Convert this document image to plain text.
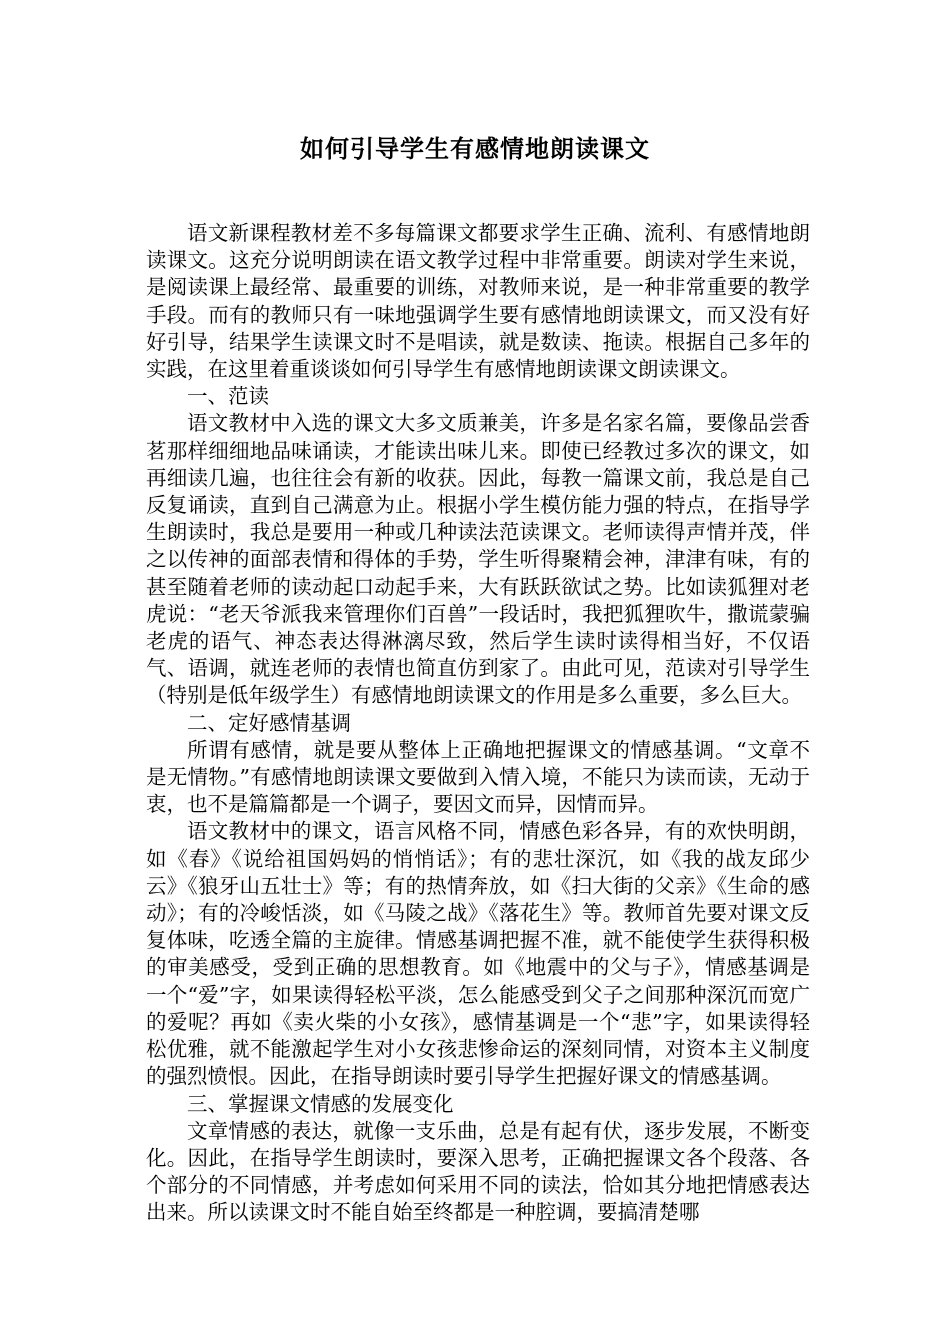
如何引导学生有感情地朗读课文

语文新课程教材差不多每篇课文都要求学生正确、流利、有感情地朗读课文。这充分说明朗读在语文教学过程中非常重要。朗读对学生来说，是阅读课上最经常、最重要的训练，对教师来说，是一种非常重要的教学手段。而有的教师只有一味地强调学生要有感情地朗读课文，而又没有好好引导，结果学生读课文时不是唱读，就是数读、拖读。根据自己多年的实践，在这里着重谈谈如何引导学生有感情地朗读课文朗读课文。

一、范读

语文教材中入选的课文大多文质兼美，许多是名家名篇，要像品尝香茗那样细细地品味诵读，才能读出味儿来。即使已经教过多次的课文，如再细读几遍，也往往会有新的收获。因此，每教一篇课文前，我总是自己反复诵读，直到自己满意为止。根据小学生模仿能力强的特点，在指导学生朗读时，我总是要用一种或几种读法范读课文。老师读得声情并茂，伴之以传神的面部表情和得体的手势，学生听得聚精会神，津津有味，有的甚至随着老师的读动起口动起手来，大有跃跃欲试之势。比如读狐狸对老虎说：“老天爷派我来管理你们百兽”一段话时，我把狐狸吹牛，撒谎蒙骗老虎的语气、神态表达得淋漓尽致，然后学生读时读得相当好，不仅语气、语调，就连老师的表情也简直仿到家了。由此可见，范读对引导学生（特别是低年级学生）有感情地朗读课文的作用是多么重要，多么巨大。

二、定好感情基调

所谓有感情，就是要从整体上正确地把握课文的情感基调。“文章不是无情物。”有感情地朗读课文要做到入情入境，不能只为读而读，无动于衷，也不是篇篇都是一个调子，要因文而异，因情而异。

语文教材中的课文，语言风格不同，情感色彩各异，有的欢快明朗，如《春》《说给祖国妈妈的悄悄话》；有的悲壮深沉，如《我的战友邱少云》《狼牙山五壮士》等；有的热情奔放，如《扫大街的父亲》《生命的感动》；有的冷峻恬淡，如《马陵之战》《落花生》等。教师首先要对课文反复体味，吃透全篇的主旋律。情感基调把握不准，就不能使学生获得积极的审美感受，受到正确的思想教育。如《地震中的父与子》，情感基调是一个“爱”字，如果读得轻松平淡，怎么能感受到父子之间那种深沉而宽广的爱呢？再如《卖火柴的小女孩》，感情基调是一个“悲”字，如果读得轻松优雅，就不能激起学生对小女孩悲惨命运的深刻同情，对资本主义制度的强烈愤恨。因此，在指导朗读时要引导学生把握好课文的情感基调。

三、掌握课文情感的发展变化

文章情感的表达，就像一支乐曲，总是有起有伏，逐步发展，不断变化。因此，在指导学生朗读时，要深入思考，正确把握课文各个段落、各个部分的不同情感，并考虑如何采用不同的读法，恰如其分地把情感表达出来。所以读课文时不能自始至终都是一种腔调，要搞清楚哪
